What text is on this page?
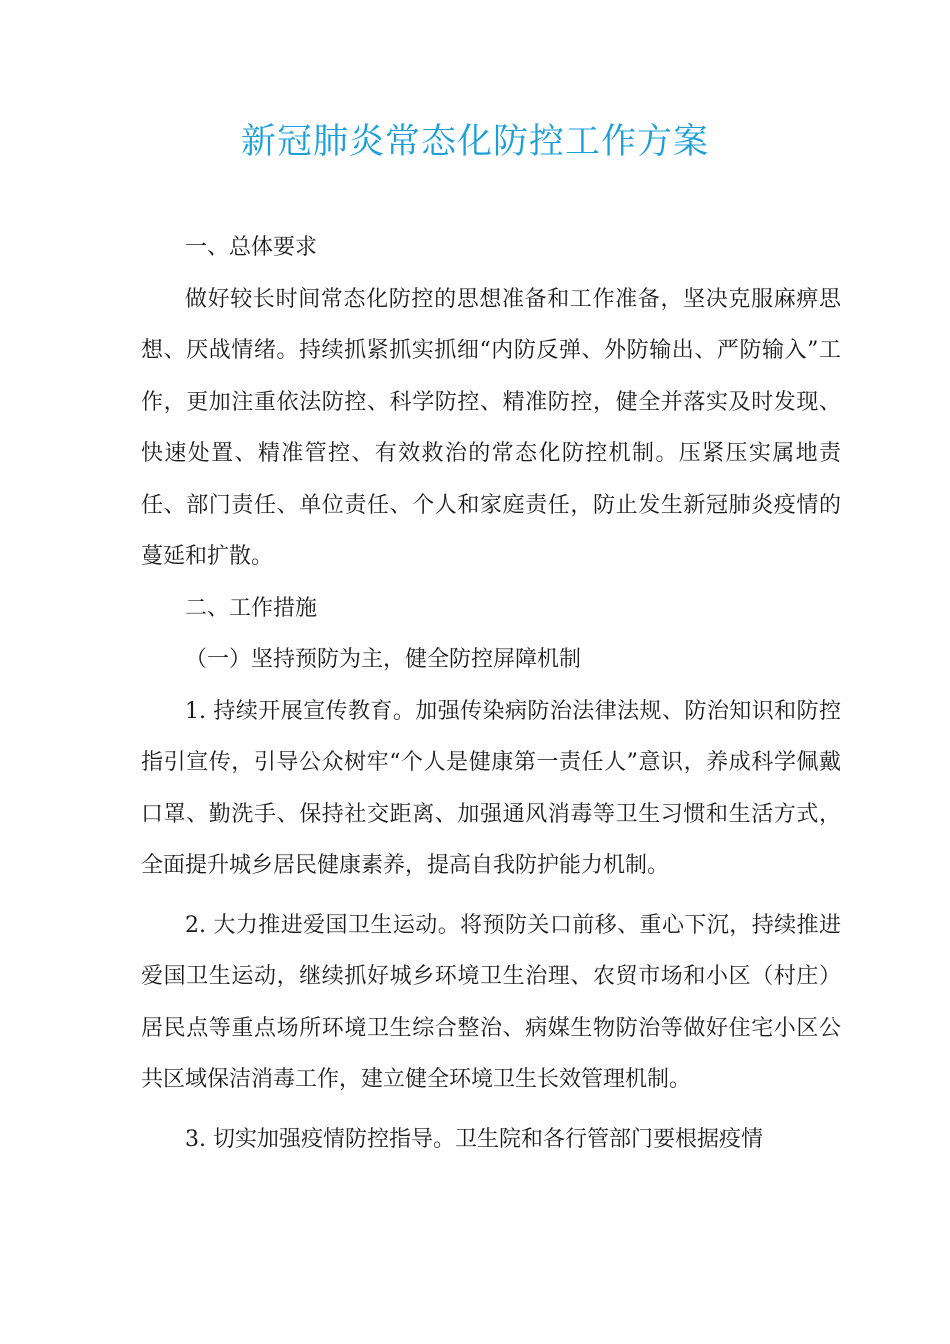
新冠肺炎常态化防控工作方案

一、总体要求

做好较长时间常态化防控的思想准备和工作准备，坚决克服麻痹思想、厌战情绪。持续抓紧抓实抓细“内防反弹、外防输出、严防输入”工作，更加注重依法防控、科学防控、精准防控，健全并落实及时发现、快速处置、精准管控、有效救治的常态化防控机制。压紧压实属地责任、部门责任、单位责任、个人和家庭责任，防止发生新冠肺炎疫情的蔓延和扩散。

二、工作措施

（一）坚持预防为主，健全防控屏障机制

1. 持续开展宣传教育。加强传染病防治法律法规、防治知识和防控指引宣传，引导公众树牢“个人是健康第一责任人”意识，养成科学佩戴口罩、勤洗手、保持社交距离、加强通风消毒等卫生习惯和生活方式，全面提升城乡居民健康素养，提高自我防护能力机制。

2. 大力推进爱国卫生运动。将预防关口前移、重心下沉，持续推进爱国卫生运动，继续抓好城乡环境卫生治理、农贸市场和小区（村庄）居民点等重点场所环境卫生综合整治、病媒生物防治等做好住宅小区公共区域保洁消毒工作，建立健全环境卫生长效管理机制。

3. 切实加强疫情防控指导。卫生院和各行管部门要根据疫情
